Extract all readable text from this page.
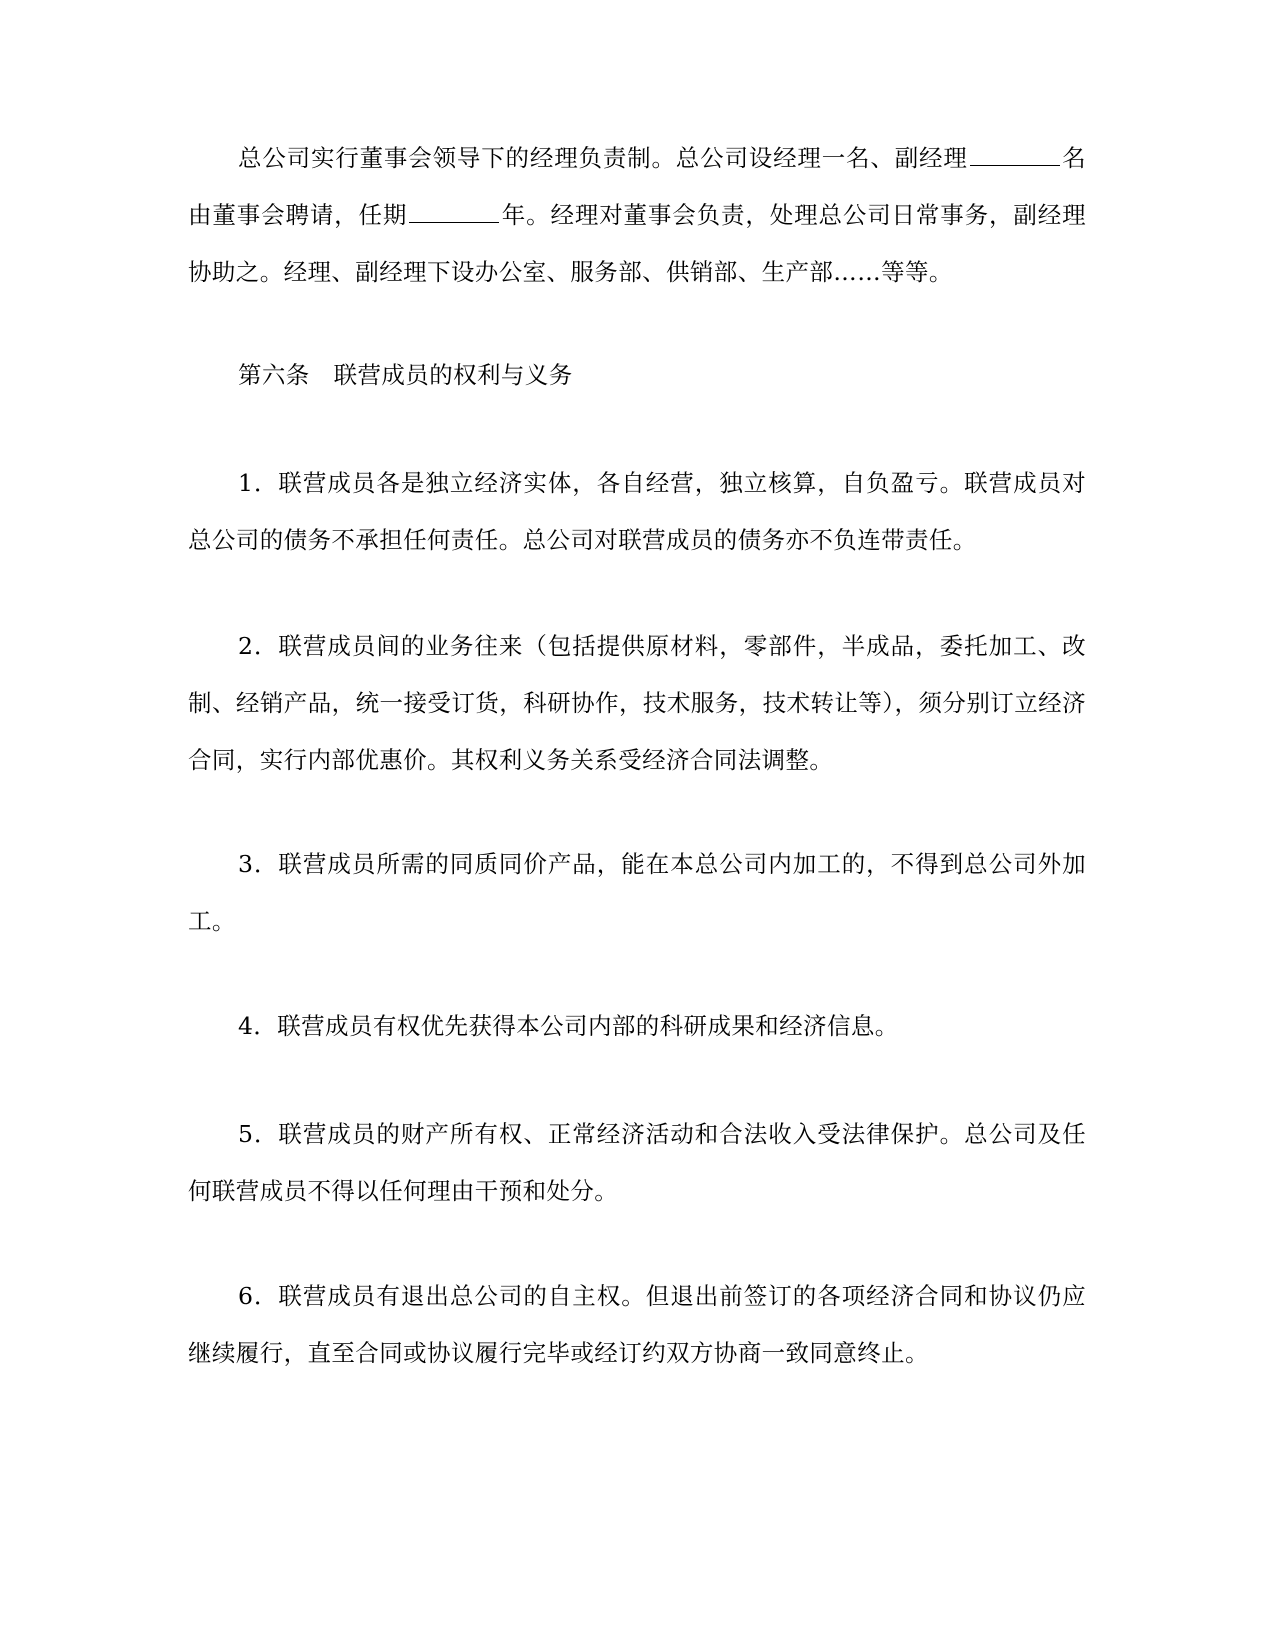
总公司实行董事会领导下的经理负责制。总公司设经理一名、副经理	名由董事会聘请，任期	年。经理对董事会负责，处理总公司日常事务，副经理协助之。经理、副经理下设办公室、服务部、供销部、生产部……等等。

第六条　联营成员的权利与义务

1．联营成员各是独立经济实体，各自经营，独立核算，自负盈亏。联营成员对总公司的债务不承担任何责任。总公司对联营成员的债务亦不负连带责任。

2．联营成员间的业务往来（包括提供原材料，零部件，半成品，委托加工、改制、经销产品，统一接受订货，科研协作，技术服务，技术转让等），须分别订立经济合同，实行内部优惠价。其权利义务关系受经济合同法调整。

3．联营成员所需的同质同价产品，能在本总公司内加工的，不得到总公司外加工。

4．联营成员有权优先获得本公司内部的科研成果和经济信息。

5．联营成员的财产所有权、正常经济活动和合法收入受法律保护。总公司及任何联营成员不得以任何理由干预和处分。

6．联营成员有退出总公司的自主权。但退出前签订的各项经济合同和协议仍应继续履行，直至合同或协议履行完毕或经订约双方协商一致同意终止。
